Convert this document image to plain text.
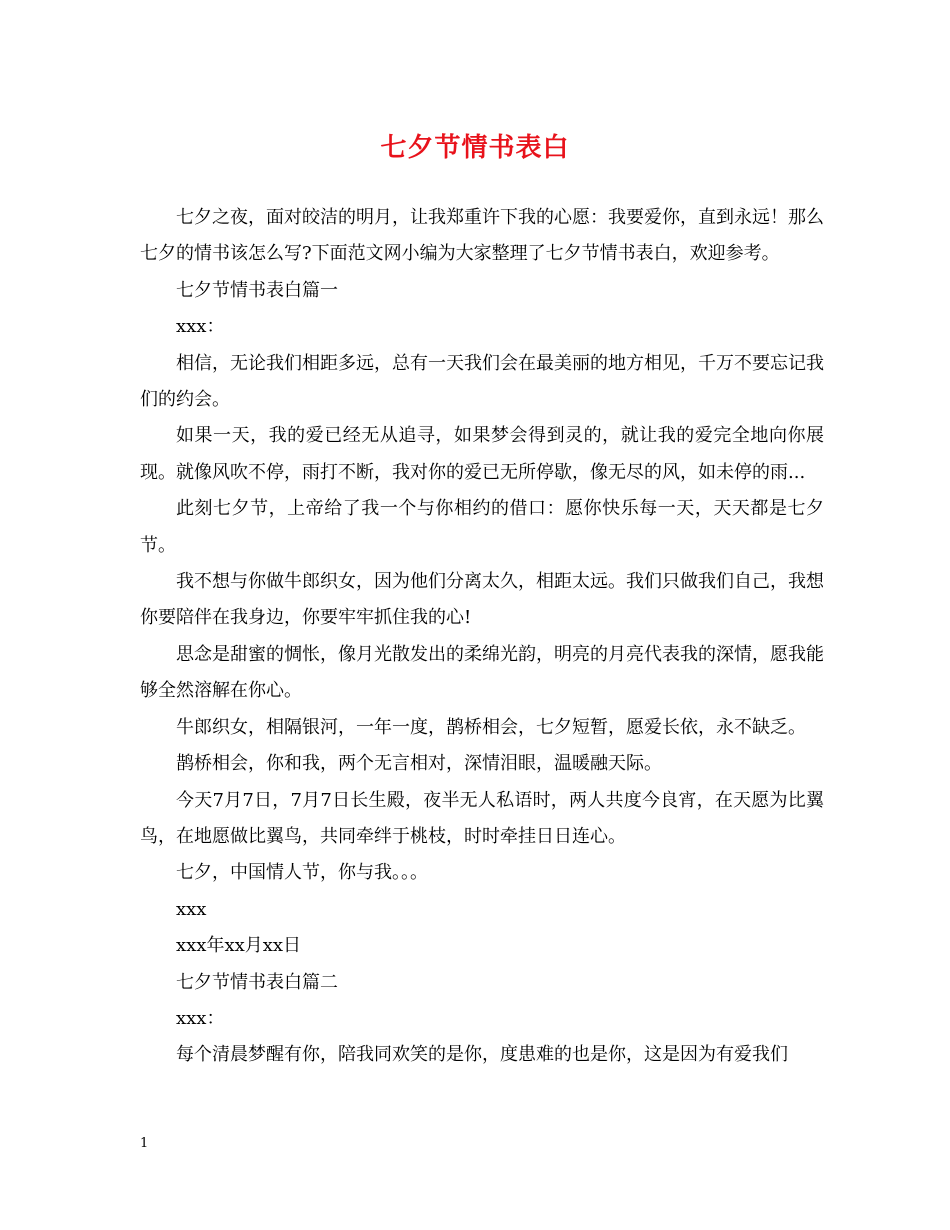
七夕节情书表白

七夕之夜，面对皎洁的明月，让我郑重许下我的心愿：我要爱你，直到永远！那么七夕的情书该怎么写?下面范文网小编为大家整理了七夕节情书表白，欢迎参考。

七夕节情书表白篇一

xxx：

相信，无论我们相距多远，总有一天我们会在最美丽的地方相见，千万不要忘记我们的约会。

如果一天，我的爱已经无从追寻，如果梦会得到灵的，就让我的爱完全地向你展现。就像风吹不停，雨打不断，我对你的爱已无所停歇，像无尽的风，如未停的雨...

此刻七夕节，上帝给了我一个与你相约的借口：愿你快乐每一天，天天都是七夕节。

我不想与你做牛郎织女，因为他们分离太久，相距太远。我们只做我们自己，我想你要陪伴在我身边，你要牢牢抓住我的心!

思念是甜蜜的惆怅，像月光散发出的柔绵光韵，明亮的月亮代表我的深情，愿我能够全然溶解在你心。

牛郎织女，相隔银河，一年一度，鹊桥相会，七夕短暂，愿爱长依，永不缺乏。

鹊桥相会，你和我，两个无言相对，深情泪眼，温暖融天际。

今天7月7日，7月7日长生殿，夜半无人私语时，两人共度今良宵，在天愿为比翼鸟，在地愿做比翼鸟，共同牵绊于桃枝，时时牵挂日日连心。

七夕，中国情人节，你与我。。。

xxx

xxx年xx月xx日

七夕节情书表白篇二

xxx：

每个清晨梦醒有你，陪我同欢笑的是你，度患难的也是你，这是因为有爱我们

1
